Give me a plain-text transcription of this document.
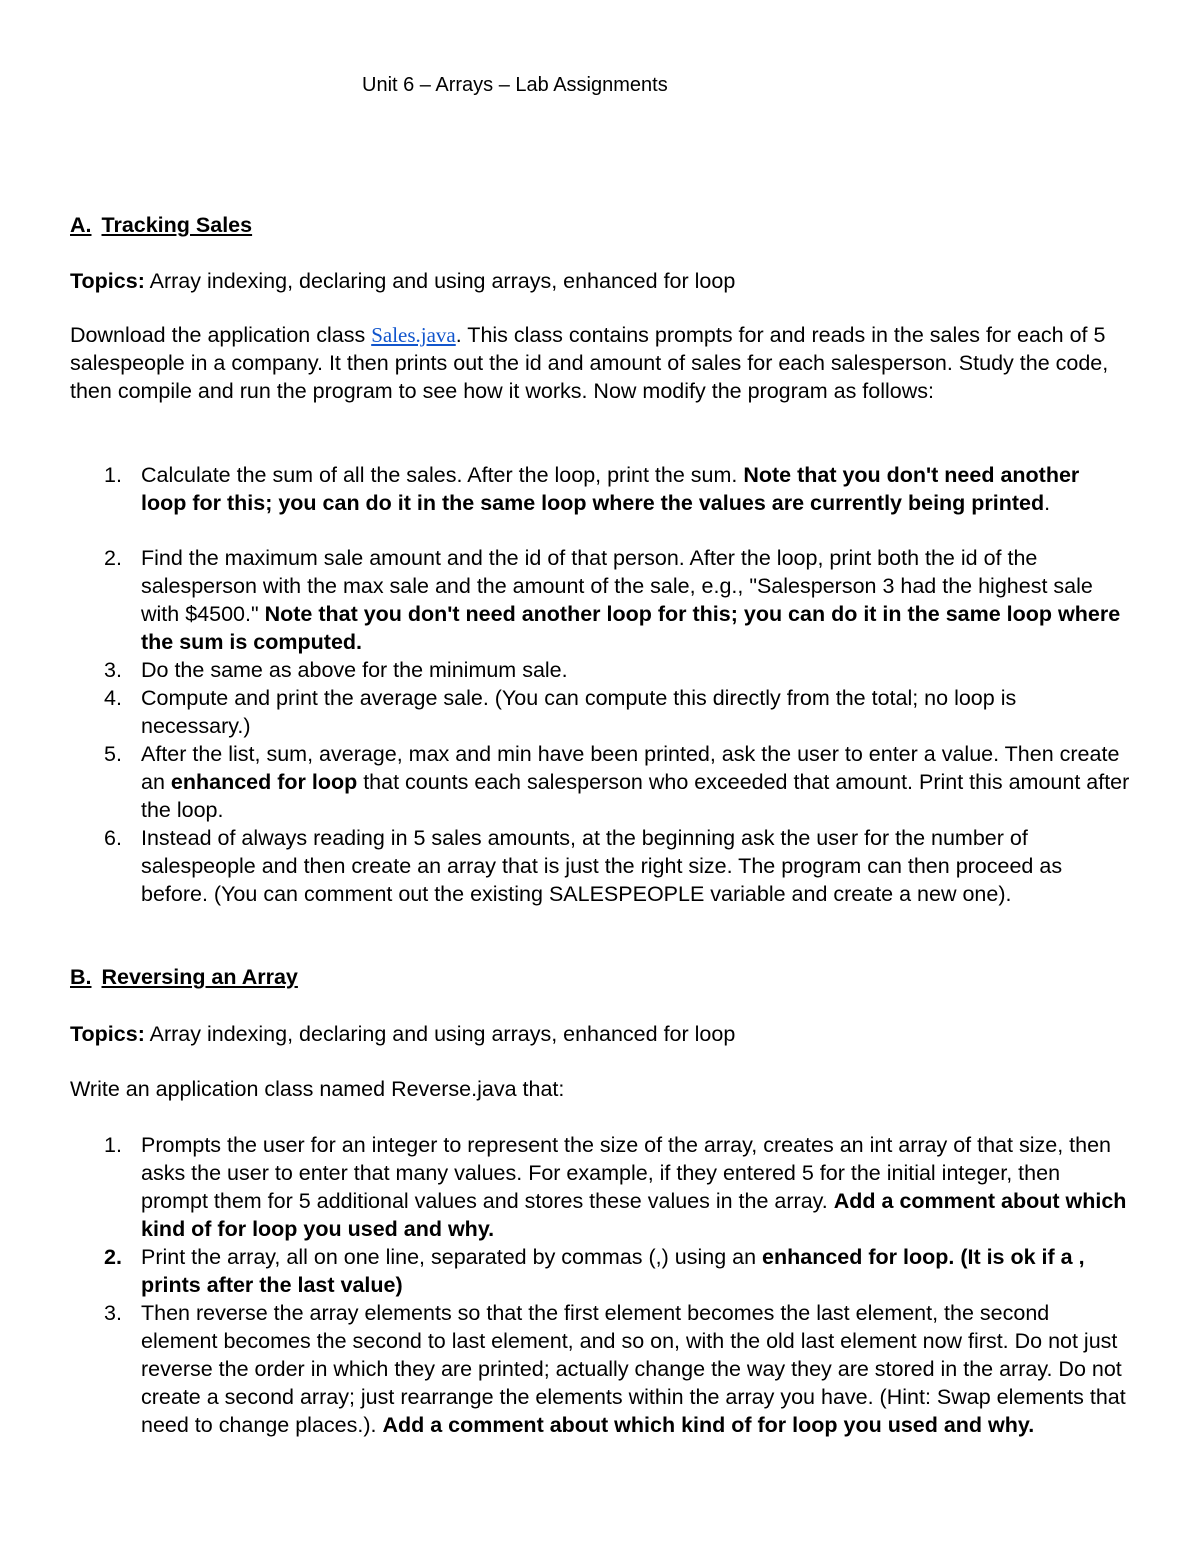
Unit 6 – Arrays – Lab Assignments
A. Tracking Sales
Topics: Array indexing, declaring and using arrays, enhanced for loop
Download the application class Sales.java. This class contains prompts for and reads in the sales for each of 5 salespeople in a company. It then prints out the id and amount of sales for each salesperson. Study the code, then compile and run the program to see how it works. Now modify the program as follows:
1. Calculate the sum of all the sales. After the loop, print the sum. Note that you don't need another loop for this; you can do it in the same loop where the values are currently being printed.
2. Find the maximum sale amount and the id of that person. After the loop, print both the id of the salesperson with the max sale and the amount of the sale, e.g., "Salesperson 3 had the highest sale with $4500." Note that you don't need another loop for this; you can do it in the same loop where the sum is computed.
3. Do the same as above for the minimum sale.
4. Compute and print the average sale. (You can compute this directly from the total; no loop is necessary.)
5. After the list, sum, average, max and min have been printed, ask the user to enter a value. Then create an enhanced for loop that counts each salesperson who exceeded that amount. Print this amount after the loop.
6. Instead of always reading in 5 sales amounts, at the beginning ask the user for the number of salespeople and then create an array that is just the right size. The program can then proceed as before. (You can comment out the existing SALESPEOPLE variable and create a new one).
B. Reversing an Array
Topics: Array indexing, declaring and using arrays, enhanced for loop
Write an application class named Reverse.java that:
1. Prompts the user for an integer to represent the size of the array, creates an int array of that size, then asks the user to enter that many values. For example, if they entered 5 for the initial integer, then prompt them for 5 additional values and stores these values in the array. Add a comment about which kind of for loop you used and why.
2. Print the array, all on one line, separated by commas (,) using an enhanced for loop. (It is ok if a , prints after the last value)
3. Then reverse the array elements so that the first element becomes the last element, the second element becomes the second to last element, and so on, with the old last element now first. Do not just reverse the order in which they are printed; actually change the way they are stored in the array. Do not create a second array; just rearrange the elements within the array you have. (Hint: Swap elements that need to change places.). Add a comment about which kind of for loop you used and why.
